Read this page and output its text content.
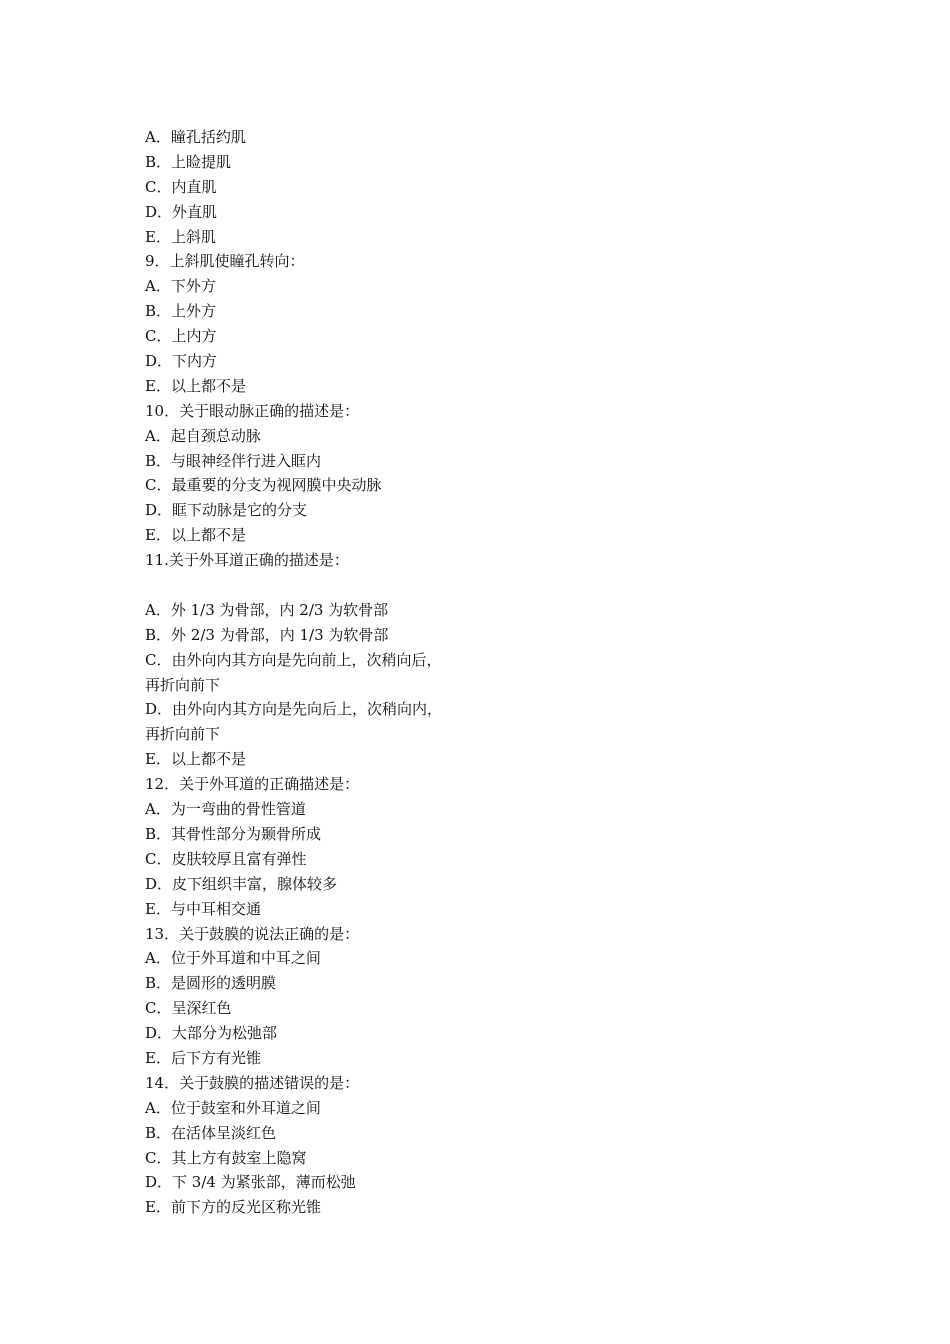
A．瞳孔括约肌
B．上睑提肌
C．内直肌
D．外直肌
E．上斜肌
9．上斜肌使瞳孔转向：
A．下外方
B．上外方
C．上内方
D．下内方
E．以上都不是
10．关于眼动脉正确的描述是：
A．起自颈总动脉
B．与眼神经伴行进入眶内
C．最重要的分支为视网膜中央动脉
D．眶下动脉是它的分支
E．以上都不是
11.关于外耳道正确的描述是：
A．外 1/3 为骨部，内 2/3 为软骨部
B．外 2/3 为骨部，内 1/3 为软骨部
C．由外向内其方向是先向前上，次稍向后，
再折向前下
D．由外向内其方向是先向后上，次稍向内，
再折向前下
E．以上都不是
12．关于外耳道的正确描述是：
A．为一弯曲的骨性管道
B．其骨性部分为颞骨所成
C．皮肤较厚且富有弹性
D．皮下组织丰富，腺体较多
E．与中耳相交通
13．关于鼓膜的说法正确的是：
A．位于外耳道和中耳之间
B．是圆形的透明膜
C．呈深红色
D．大部分为松弛部
E．后下方有光锥
14．关于鼓膜的描述错误的是：
A．位于鼓室和外耳道之间
B．在活体呈淡红色
C．其上方有鼓室上隐窝
D．下 3/4 为紧张部，薄而松弛
E．前下方的反光区称光锥
